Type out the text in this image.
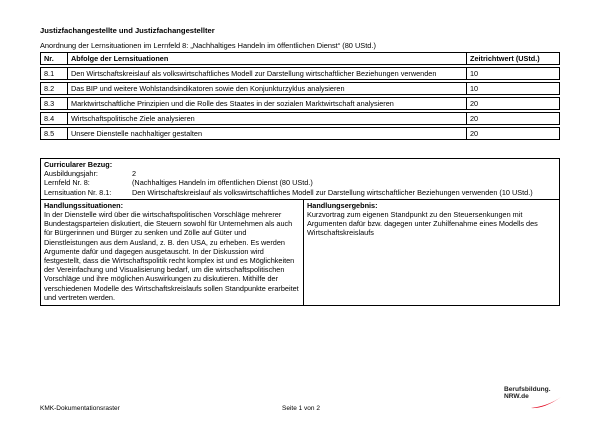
Justizfachangestellte und Justizfachangestellter
Anordnung der Lernsituationen im Lernfeld 8: „Nachhaltiges Handeln im öffentlichen Dienst“ (80 UStd.)
Nr.	Abfolge der Lernsituationen	Zeitrichtwert (UStd.)

8.1	Den Wirtschaftskreislauf als volkswirtschaftliches Modell zur Darstellung wirtschaftlicher Beziehungen verwenden	10

8.2	Das BIP und weitere Wohlstandsindikatoren sowie den Konjunkturzyklus analysieren	10

8.3	Marktwirtschaftliche Prinzipien und die Rolle des Staates in der sozialen Marktwirtschaft analysieren	20

8.4	Wirtschaftspolitische Ziele analysieren	20

8.5	Unsere Dienstelle nachhaltiger gestalten	20
Curricularer Bezug:
Ausbildungsjahr:	2
Lernfeld Nr. 8:	(Nachhaltiges Handeln im öffentlichen Dienst (80 UStd.)
Lernsituation Nr. 8.1:	Den Wirtschaftskreislauf als volkswirtschaftliches Modell zur Darstellung wirtschaftlicher Beziehungen verwenden (10 UStd.)
Handlungssituationen:
In der Dienstelle wird über die wirtschaftspolitischen Vorschläge mehrerer Bundestagsparteien diskutiert, die Steuern sowohl für Unternehmen als auch für Bürgerinnen und Bürger zu senken und Zölle auf Güter und Dienstleistungen aus dem Ausland, z. B. den USA, zu erheben. Es werden Argumente dafür und dagegen ausgetauscht. In der Diskussion wird festgestellt, dass die Wirtschaftspolitik recht komplex ist und es Möglichkeiten der Vereinfachung und Visualisierung bedarf, um die wirtschaftspolitischen Vorschläge und ihre möglichen Auswirkungen zu diskutieren. Mithilfe der verschiedenen Modelle des Wirtschaftskreislaufs sollen Standpunkte erarbeitet und vertreten werden.
Handlungsergebnis:
Kurzvortrag zum eigenen Standpunkt zu den Steuersenkungen mit Argumenten dafür bzw. dagegen unter Zuhilfenahme eines Modells des Wirtschaftskreislaufs
KMK-Dokumentationsraster	Seite 1 von 2
Berufsbildung.
NRW.de
